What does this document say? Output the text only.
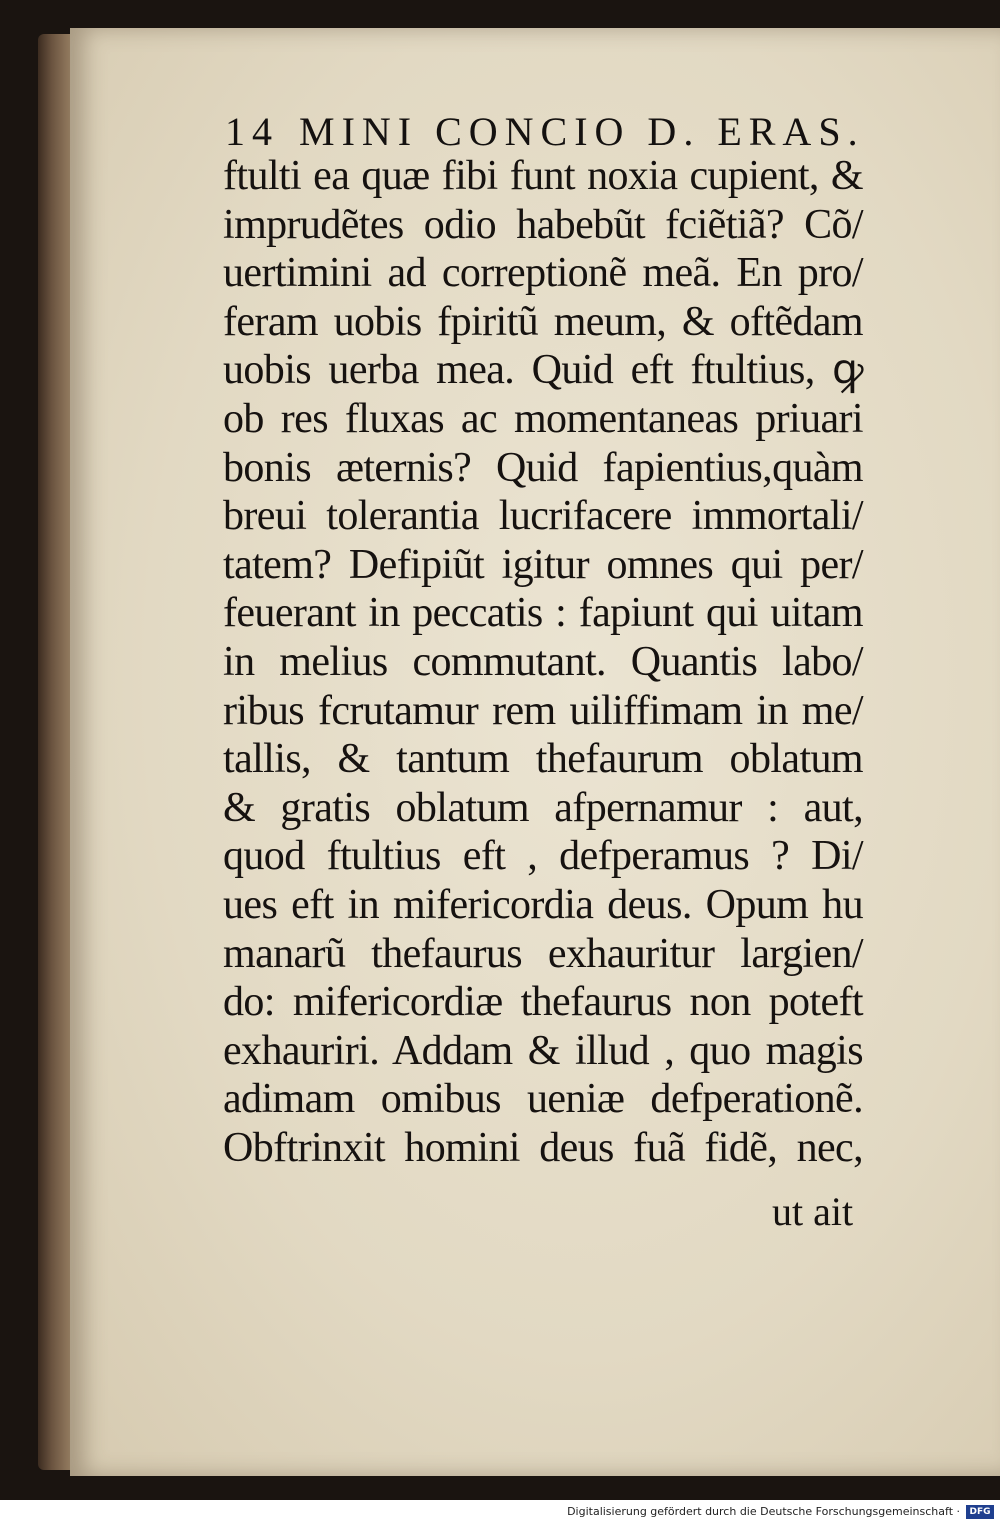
14 MINI CONCIO D. ERAS.
ftulti ea quæ fibi funt noxia cupient, &
imprudẽtes odio habebũt fciẽtiã? Cõ/
uertimini ad correptionẽ meã. En pro/
feram uobis fpiritũ meum, & oftẽdam
uobis uerba mea. Quid eft ftultius, ꝙ
ob res fluxas ac momentaneas priuari
bonis æternis? Quid fapientius,quàm
breui tolerantia lucrifacere immortali/
tatem? Defipiũt igitur omnes qui per/
feuerant in peccatis : fapiunt qui uitam
in melius commutant. Quantis labo/
ribus fcrutamur rem uiliffimam in me/
tallis, & tantum thefaurum oblatum
& gratis oblatum afpernamur : aut,
quod ftultius eft , defperamus ? Di/
ues eft in mifericordia deus. Opum hu
manarũ thefaurus exhauritur largien/
do: mifericordiæ thefaurus non poteft
exhauriri. Addam & illud , quo magis
adimam omibus ueniæ defperationẽ.
Obftrinxit homini deus fuã fidẽ, nec,
ut ait
Digitalisierung gefördert durch die Deutsche Forschungsgemeinschaft ·	DFG
